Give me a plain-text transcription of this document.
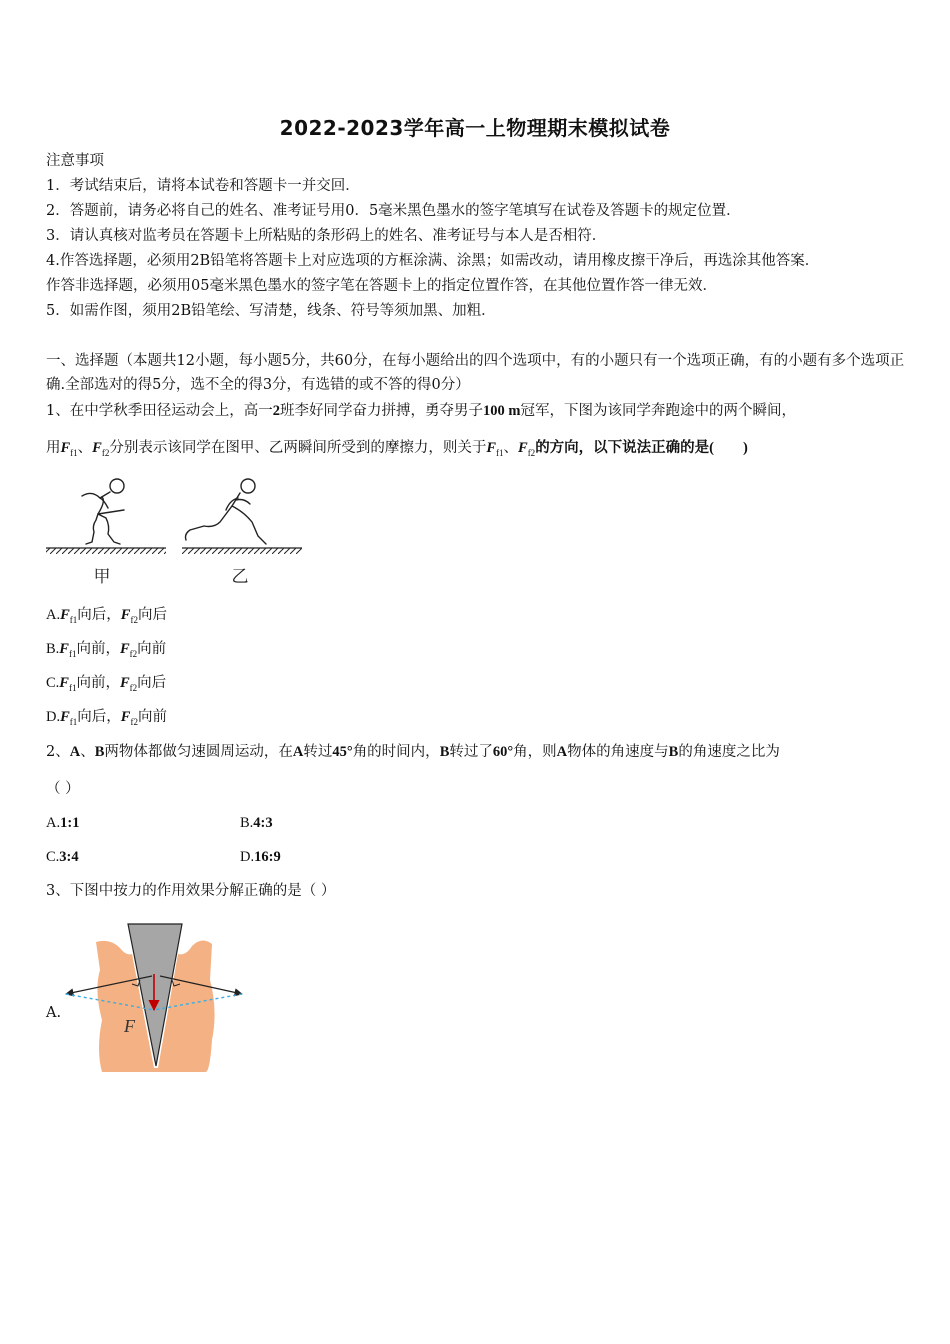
2022-2023学年高一上物理期末模拟试卷
注意事项
1．考试结束后，请将本试卷和答题卡一并交回．
2．答题前，请务必将自己的姓名、准考证号用0．5毫米黑色墨水的签字笔填写在试卷及答题卡的规定位置．
3．请认真核对监考员在答题卡上所粘贴的条形码上的姓名、准考证号与本人是否相符．
4.作答选择题，必须用2B铅笔将答题卡上对应选项的方框涂满、涂黑；如需改动，请用橡皮擦干净后，再选涂其他答案．
作答非选择题，必须用05毫米黑色墨水的签字笔在答题卡上的指定位置作答，在其他位置作答一律无效．
5．如需作图，须用2B铅笔绘、写清楚，线条、符号等须加黑、加粗．
一、选择题（本题共12小题，每小题5分，共60分，在每小题给出的四个选项中，有的小题只有一个选项正确，有的小题有多个选项正确.全部选对的得5分，选不全的得3分，有选错的或不答的得0分）
1、在中学秋季田径运动会上，高一2班李好同学奋力拼搏，勇夺男子100 m冠军，下图为该同学奔跑途中的两个瞬间，
用$F_{f1}$、$F_{f2}$分别表示该同学在图甲、乙两瞬间所受到的摩擦力，则关于$F_{f1}$、$F_{f2}$的方向，以下说法正确的是(　　)
甲	乙
$A.F_{f1}$向后，$F_{f2}$向后
$B.F_{f1}$向前，$F_{f2}$向前
$C.F_{f1}$向前，$F_{f2}$向后
$D.F_{f1}$向后，$F_{f2}$向前
2、A、B两物体都做匀速圆周运动，在A转过45°角的时间内，B转过了60°角，则A物体的角速度与B的角速度之比为
（ ）
A.1:1	B.4:3
C.3:4	D.16:9
3、下图中按力的作用效果分解正确的是（ ）
A.
F
